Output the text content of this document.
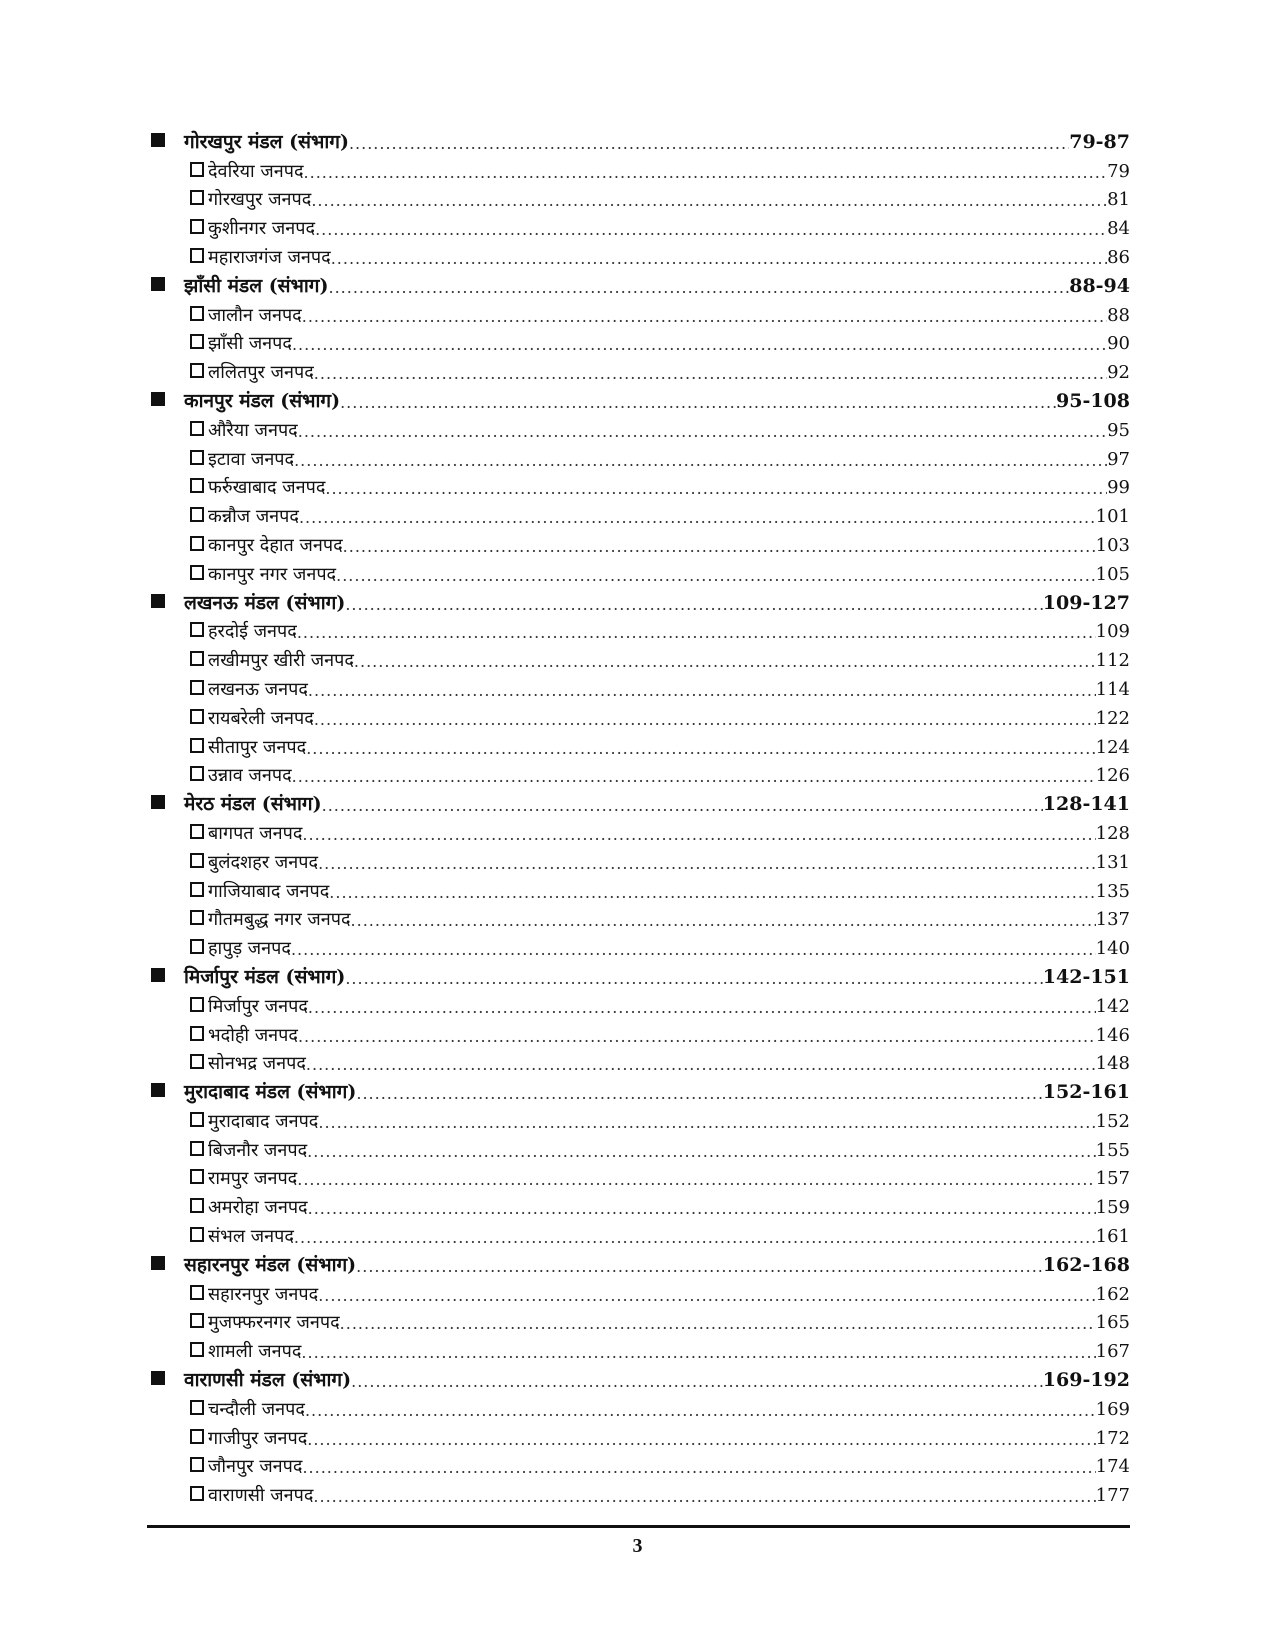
गोरखपुर मंडल (संभाग) .....	79-87
देवरिया जनपद .....	79
गोरखपुर जनपद .....	81
कुशीनगर जनपद .....	84
महाराजगंज जनपद .....	86
झाँसी मंडल (संभाग) .....	88-94
जालौन जनपद .....	88
झाँसी जनपद .....	90
ललितपुर जनपद .....	92
कानपुर मंडल (संभाग) .....	95-108
औरैया जनपद .....	95
इटावा जनपद .....	97
फर्रुखाबाद जनपद .....	99
कन्नौज जनपद .....	101
कानपुर देहात जनपद .....	103
कानपुर नगर जनपद .....	105
लखनऊ मंडल (संभाग) .....	109-127
हरदोई जनपद .....	109
लखीमपुर खीरी जनपद .....	112
लखनऊ जनपद .....	114
रायबरेली जनपद .....	122
सीतापुर जनपद .....	124
उन्नाव जनपद .....	126
मेरठ मंडल (संभाग) .....	128-141
बागपत जनपद .....	128
बुलंदशहर जनपद .....	131
गाजियाबाद जनपद .....	135
गौतमबुद्ध नगर जनपद .....	137
हापुड़ जनपद .....	140
मिर्जापुर मंडल (संभाग) .....	142-151
मिर्जापुर जनपद .....	142
भदोही जनपद .....	146
सोनभद्र जनपद .....	148
मुरादाबाद मंडल (संभाग) .....	152-161
मुरादाबाद जनपद .....	152
बिजनौर जनपद .....	155
रामपुर जनपद .....	157
अमरोहा जनपद .....	159
संभल जनपद .....	161
सहारनपुर मंडल (संभाग) .....	162-168
सहारनपुर जनपद .....	162
मुजफ्फरनगर जनपद .....	165
शामली जनपद .....	167
वाराणसी मंडल (संभाग) .....	169-192
चन्दौली जनपद .....	169
गाजीपुर जनपद .....	172
जौनपुर जनपद .....	174
वाराणसी जनपद .....	177
3
